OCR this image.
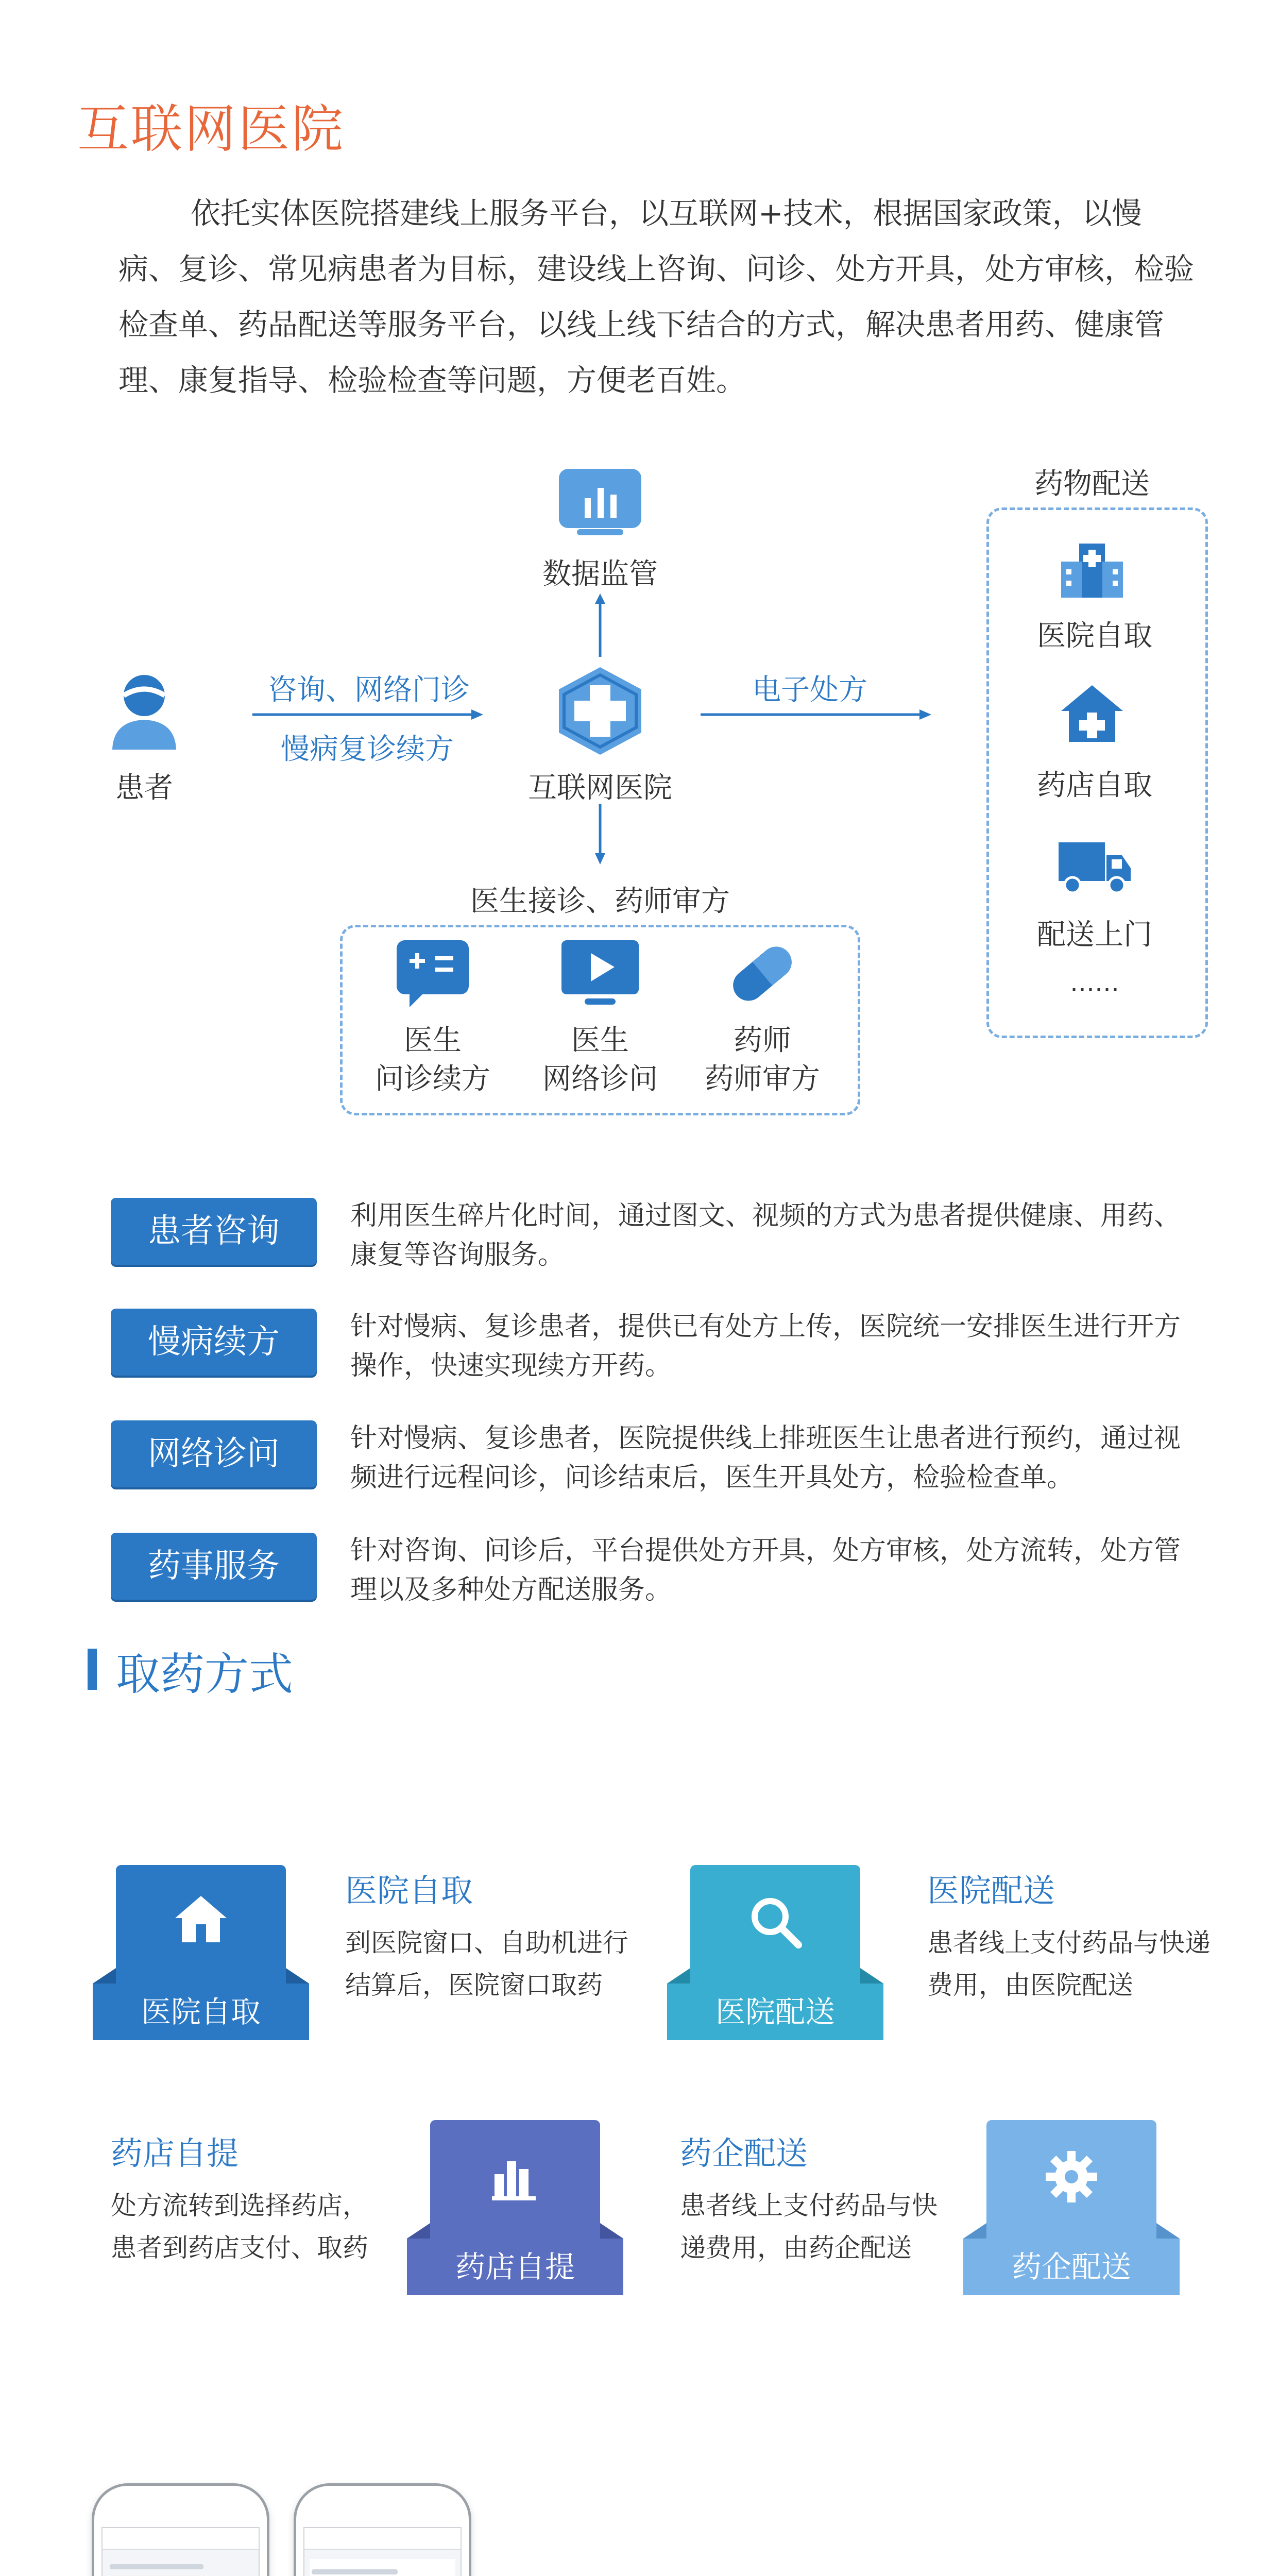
互联网医院
依托实体医院搭建线上服务平台，以互联网+技术，根据国家政策，以慢病、复诊、常见病患者为目标，建设线上咨询、问诊、处方开具，处方审核，检验检查单、药品配送等服务平台，以线上线下结合的方式，解决患者用药、健康管理、康复指导、检验检查等问题，方便老百姓。
数据监管
患者
咨询、网络门诊
慢病复诊续方
互联网医院
电子处方
医生接诊、药师审方
医生
问诊续方
医生
网络诊问
药师
药师审方
药物配送
医院自取
药店自取
配送上门
……
患者咨询	利用医生碎片化时间，通过图文、视频的方式为患者提供健康、用药、康复等咨询服务。
慢病续方	针对慢病、复诊患者，提供已有处方上传，医院统一安排医生进行开方操作，快速实现续方开药。
网络诊问	针对慢病、复诊患者，医院提供线上排班医生让患者进行预约，通过视频进行远程问诊，问诊结束后，医生开具处方，检验检查单。
药事服务	针对咨询、问诊后，平台提供处方开具，处方审核，处方流转，处方管理以及多种处方配送服务。
取药方式
医院自取
医院自取
到医院窗口、自助机进行结算后，医院窗口取药
医院配送
医院配送
患者线上支付药品与快递费用，由医院配送
药店自提
处方流转到选择药店，患者到药店支付、取药
药店自提
药企配送
患者线上支付药品与快递费用，由药企配送
药企配送
